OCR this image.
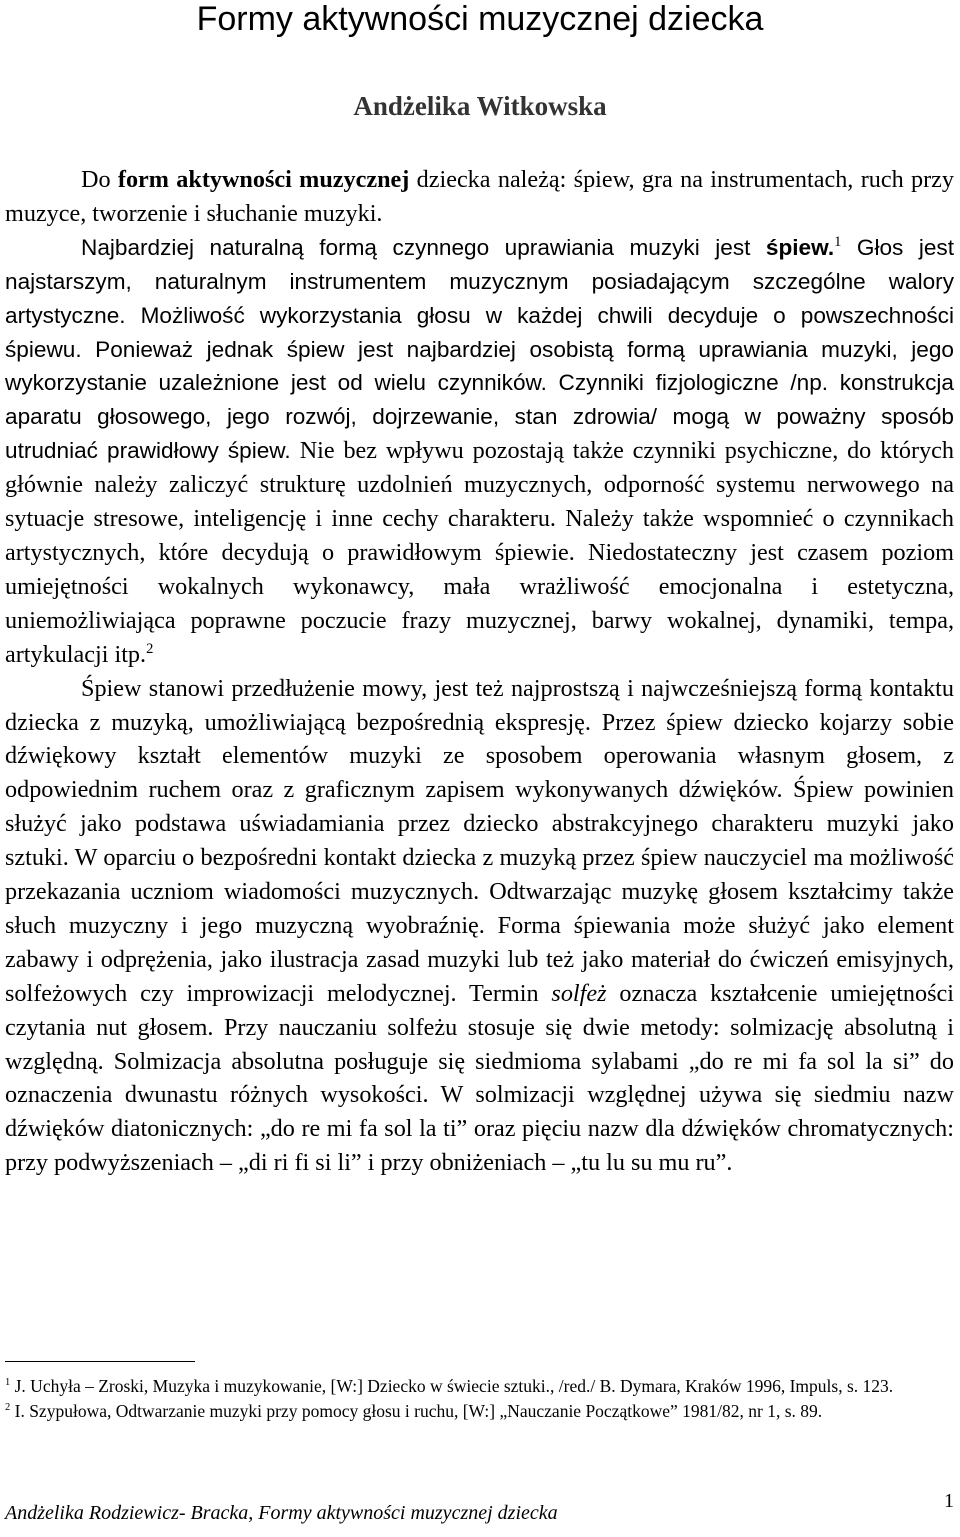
Formy aktywności muzycznej dziecka
Andżelika Witkowska

Do form aktywności muzycznej dziecka należą: śpiew, gra na instrumentach, ruch przy muzyce, tworzenie i słuchanie muzyki.

Najbardziej naturalną formą czynnego uprawiania muzyki jest śpiew.$^1$ Głos jest najstarszym, naturalnym instrumentem muzycznym posiadającym szczególne walory artystyczne. Możliwość wykorzystania głosu w każdej chwili decyduje o powszechności śpiewu. Ponieważ jednak śpiew jest najbardziej osobistą formą uprawiania muzyki, jego wykorzystanie uzależnione jest od wielu czynników. Czynniki fizjologiczne /np. konstrukcja aparatu głosowego, jego rozwój, dojrzewanie, stan zdrowia/ mogą w poważny sposób utrudniać prawidłowy śpiew. Nie bez wpływu pozostają także czynniki psychiczne, do których głównie należy zaliczyć strukturę uzdolnień muzycznych, odporność systemu nerwowego na sytuacje stresowe, inteligencję i inne cechy charakteru. Należy także wspomnieć o czynnikach artystycznych, które decydują o prawidłowym śpiewie. Niedostateczny jest czasem poziom umiejętności wokalnych wykonawcy, mała wrażliwość emocjonalna i estetyczna, uniemożliwiająca poprawne poczucie frazy muzycznej, barwy wokalnej, dynamiki, tempa, artykulacji itp.$^2$

Śpiew stanowi przedłużenie mowy, jest też najprostszą i najwcześniejszą formą kontaktu dziecka z muzyką, umożliwiającą bezpośrednią ekspresję. Przez śpiew dziecko kojarzy sobie dźwiękowy kształt elementów muzyki ze sposobem operowania własnym głosem, z odpowiednim ruchem oraz z graficznym zapisem wykonywanych dźwięków. Śpiew powinien służyć jako podstawa uświadamiania przez dziecko abstrakcyjnego charakteru muzyki jako sztuki. W oparciu o bezpośredni kontakt dziecka z muzyką przez śpiew nauczyciel ma możliwość przekazania uczniom wiadomości muzycznych. Odtwarzając muzykę głosem kształcimy także słuch muzyczny i jego muzyczną wyobraźnię. Forma śpiewania może służyć jako element zabawy i odprężenia, jako ilustracja zasad muzyki lub też jako materiał do ćwiczeń emisyjnych, solfeżowych czy improwizacji melodycznej. Termin solfeż oznacza kształcenie umiejętności czytania nut głosem. Przy nauczaniu solfeżu stosuje się dwie metody: solmizację absolutną i względną. Solmizacja absolutna posługuje się siedmioma sylabami „do re mi fa sol la si” do oznaczenia dwunastu różnych wysokości. W solmizacji względnej używa się siedmiu nazw dźwięków diatonicznych: „do re mi fa sol la ti” oraz pięciu nazw dla dźwięków chromatycznych: przy podwyższeniach – „di ri fi si li” i przy obniżeniach – „tu lu su mu ru”.

$^1$ J. Uchyła – Zroski, Muzyka i muzykowanie, [W:] Dziecko w świecie sztuki., /red./ B. Dymara, Kraków 1996, Impuls, s. 123.

$^2$ I. Szypułowa, Odtwarzanie muzyki przy pomocy głosu i ruchu, [W:] „Nauczanie Początkowe” 1981/82, nr 1, s. 89.

Andżelika Rodziewicz- Bracka, Formy aktywności muzycznej dziecka
1
